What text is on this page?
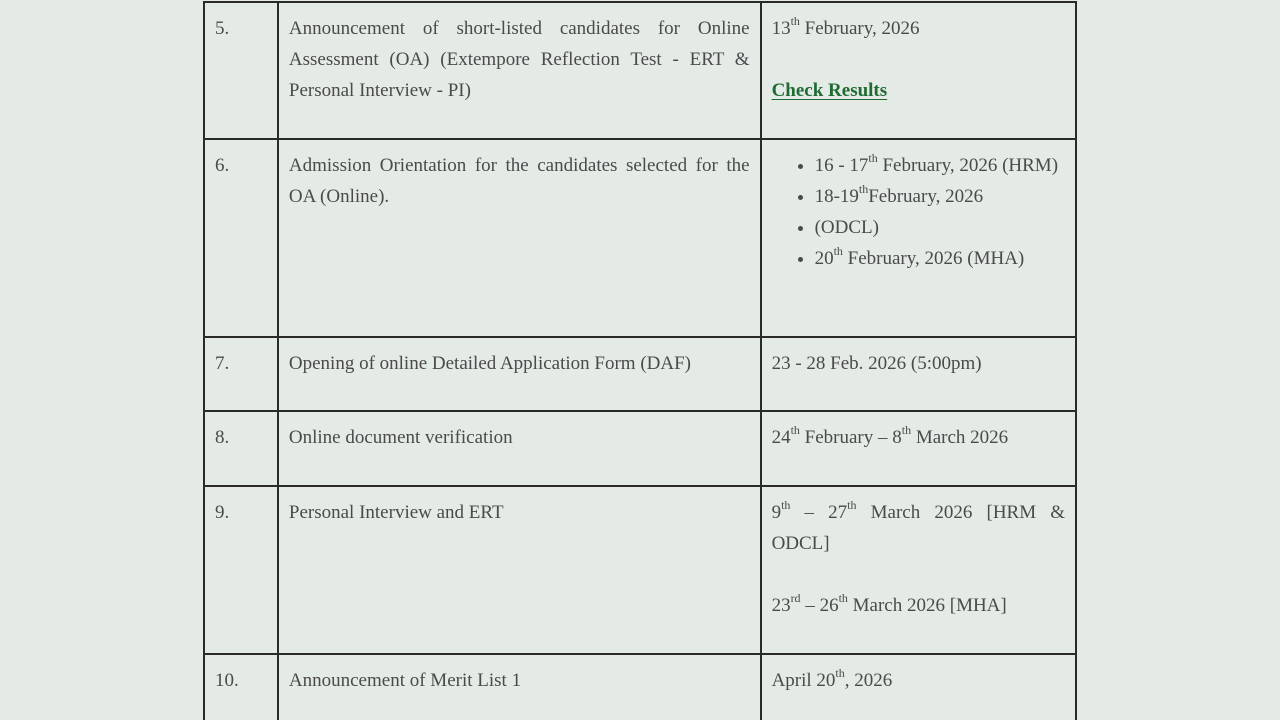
5.	Announcement of short-listed candidates for Online Assessment (OA) (Extempore Reflection Test - ERT & Personal Interview - PI)	13th February, 2026
Check Results

6.	Admission Orientation for the candidates selected for the OA (Online).	
• 16 - 17th February, 2026 (HRM)
• 18-19thFebruary, 2026
• (ODCL)
• 20th February, 2026 (MHA)

7.	Opening of online Detailed Application Form (DAF)	23 - 28 Feb. 2026 (5:00pm)
8.	Online document verification	24th February – 8th March 2026
9.	Personal Interview and ERT	9th – 27th March 2026 [HRM & ODCL]
23rd – 26th March 2026 [MHA]

10.	Announcement of Merit List 1	April 20th, 2026
